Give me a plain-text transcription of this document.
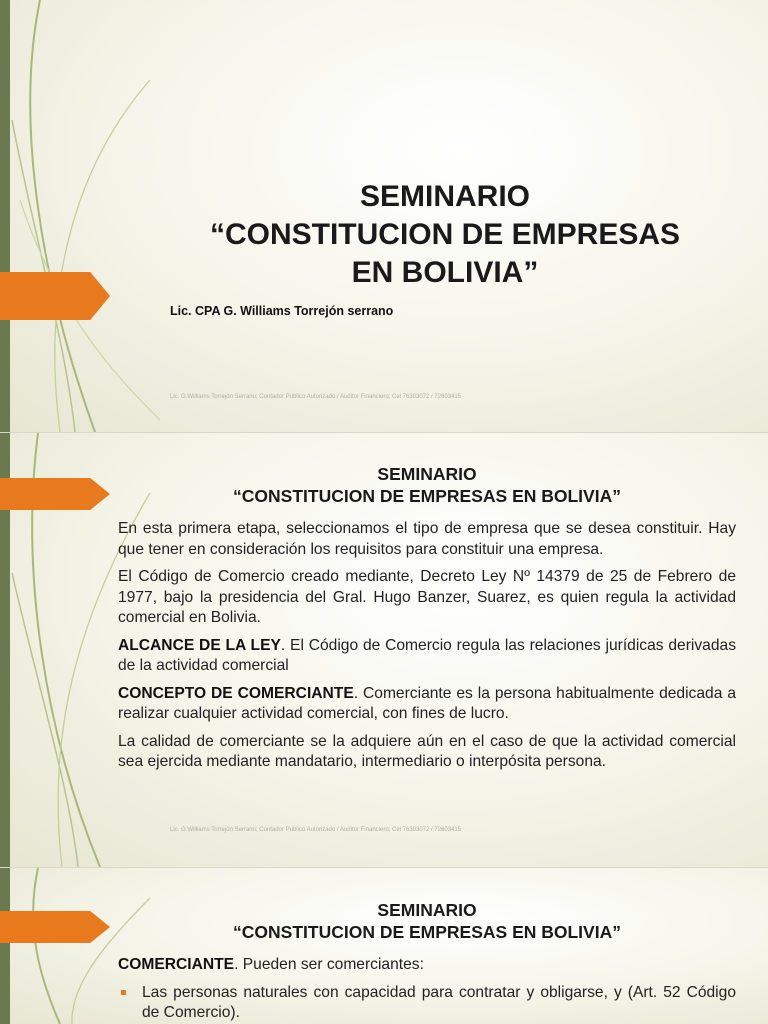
SEMINARIO
“CONSTITUCION DE EMPRESAS
EN BOLIVIA”
Lic. CPA G. Williams Torrejón serrano
Lic. G.Williams Torrejón Serrano; Contador Publico Autorizado / Auditor Financiero; Cel 76303072 / 72603415
SEMINARIO
“CONSTITUCION DE EMPRESAS EN BOLIVIA”

En esta primera etapa, seleccionamos el tipo de empresa que se desea constituir. Hay que tener en consideración los requisitos para constituir una empresa.

El Código de Comercio creado mediante, Decreto Ley Nº 14379 de 25 de Febrero de 1977, bajo la presidencia del Gral. Hugo Banzer, Suarez, es quien regula la actividad comercial en Bolivia.

ALCANCE DE LA LEY. El Código de Comercio regula las relaciones jurídicas derivadas de la actividad comercial

CONCEPTO DE COMERCIANTE. Comerciante es la persona habitualmente dedicada a realizar cualquier actividad comercial, con fines de lucro.

La calidad de comerciante se la adquiere aún en el caso de que la actividad comercial sea ejercida mediante mandatario, intermediario o interpósita persona.

Lic. G.Williams Torrejón Serrano; Contador Publico Autorizado / Auditor Financiero; Cel 76303072 / 72603415
SEMINARIO
“CONSTITUCION DE EMPRESAS EN BOLIVIA”

COMERCIANTE. Pueden ser comerciantes:

Las personas naturales con capacidad para contratar y obligarse, y (Art. 52 Código de Comercio).
